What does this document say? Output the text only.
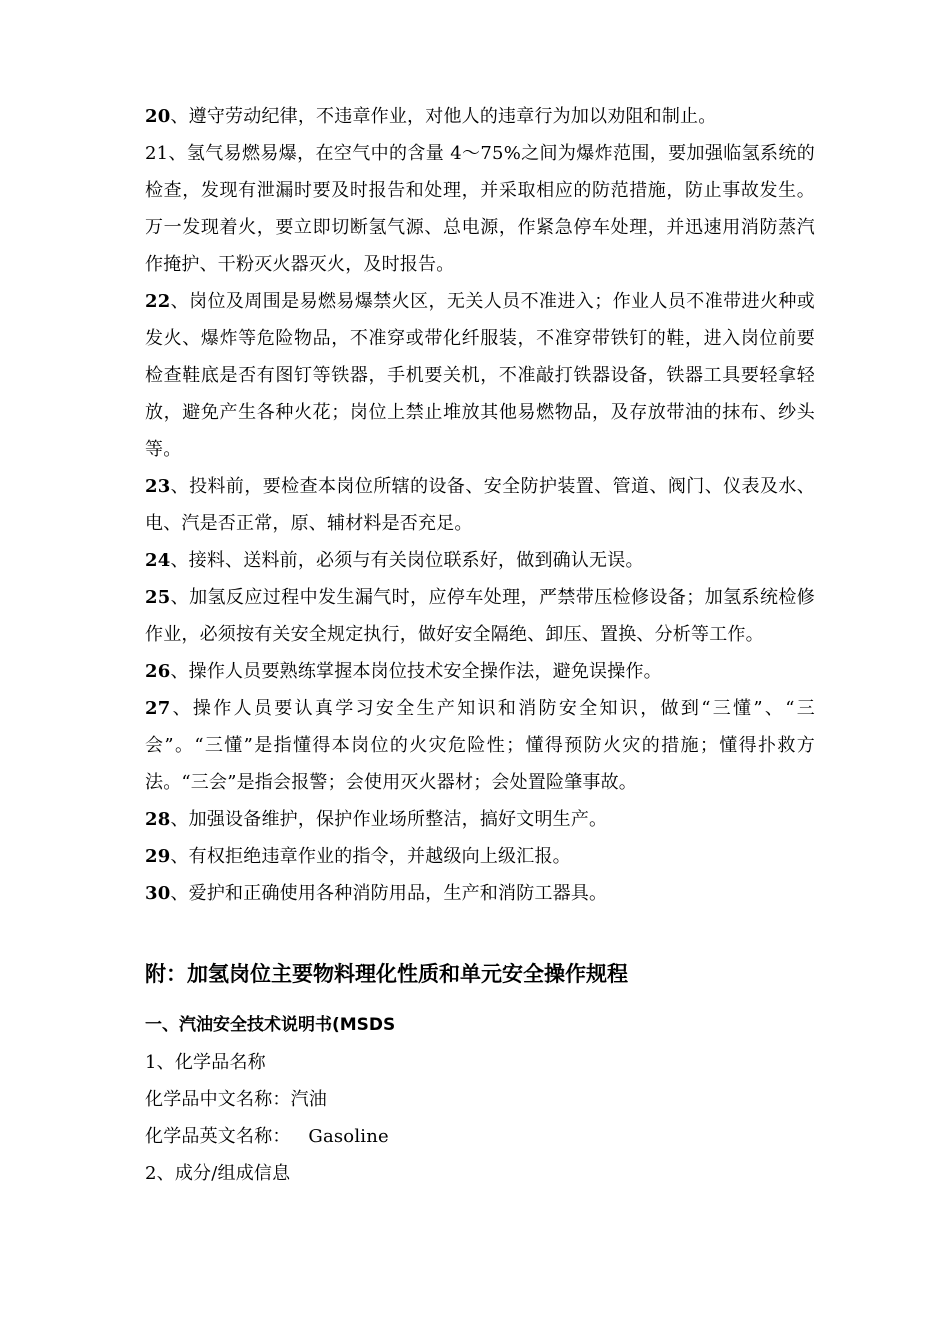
20、遵守劳动纪律，不违章作业，对他人的违章行为加以劝阻和制止。

21、氢气易燃易爆，在空气中的含量 4～75%之间为爆炸范围，要加强临氢系统的检查，发现有泄漏时要及时报告和处理，并采取相应的防范措施，防止事故发生。万一发现着火，要立即切断氢气源、总电源，作紧急停车处理，并迅速用消防蒸汽作掩护、干粉灭火器灭火，及时报告。

22、岗位及周围是易燃易爆禁火区，无关人员不准进入；作业人员不准带进火种或发火、爆炸等危险物品，不准穿或带化纤服装，不准穿带铁钉的鞋，进入岗位前要检查鞋底是否有图钉等铁器，手机要关机，不准敲打铁器设备，铁器工具要轻拿轻放，避免产生各种火花；岗位上禁止堆放其他易燃物品，及存放带油的抹布、纱头等。

23、投料前，要检查本岗位所辖的设备、安全防护装置、管道、阀门、仪表及水、电、汽是否正常，原、辅材料是否充足。

24、接料、送料前，必须与有关岗位联系好，做到确认无误。

25、加氢反应过程中发生漏气时，应停车处理，严禁带压检修设备；加氢系统检修作业，必须按有关安全规定执行，做好安全隔绝、卸压、置换、分析等工作。

26、操作人员要熟练掌握本岗位技术安全操作法，避免误操作。

27、操作人员要认真学习安全生产知识和消防安全知识，做到“三懂”、“三会”。“三懂”是指懂得本岗位的火灾危险性；懂得预防火灾的措施；懂得扑救方法。“三会”是指会报警；会使用灭火器材；会处置险肇事故。

28、加强设备维护，保护作业场所整洁，搞好文明生产。

29、有权拒绝违章作业的指令，并越级向上级汇报。

30、爱护和正确使用各种消防用品，生产和消防工器具。

附：加氢岗位主要物料理化性质和单元安全操作规程
一、汽油安全技术说明书(MSDS

1、化学品名称

化学品中文名称：汽油

化学品英文名称：   Gasoline

2、成分/组成信息
